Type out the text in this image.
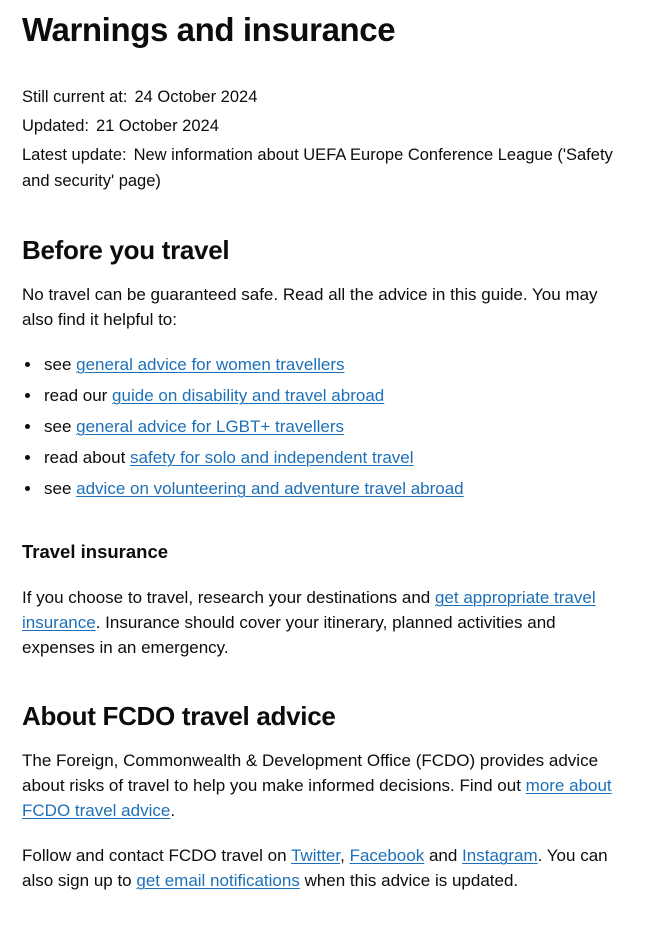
Warnings and insurance

Still current at: 24 October 2024

Updated: 21 October 2024

Latest update: New information about UEFA Europe Conference League ('Safety and security' page)

Before you travel

No travel can be guaranteed safe. Read all the advice in this guide. You may also find it helpful to:

• see general advice for women travellers
• read our guide on disability and travel abroad
• see general advice for LGBT+ travellers
• read about safety for solo and independent travel
• see advice on volunteering and adventure travel abroad
Travel insurance

If you choose to travel, research your destinations and get appropriate travel insurance. Insurance should cover your itinerary, planned activities and expenses in an emergency.

About FCDO travel advice

The Foreign, Commonwealth & Development Office (FCDO) provides advice about risks of travel to help you make informed decisions. Find out more about FCDO travel advice.

Follow and contact FCDO travel on Twitter, Facebook and Instagram. You can also sign up to get email notifications when this advice is updated.
